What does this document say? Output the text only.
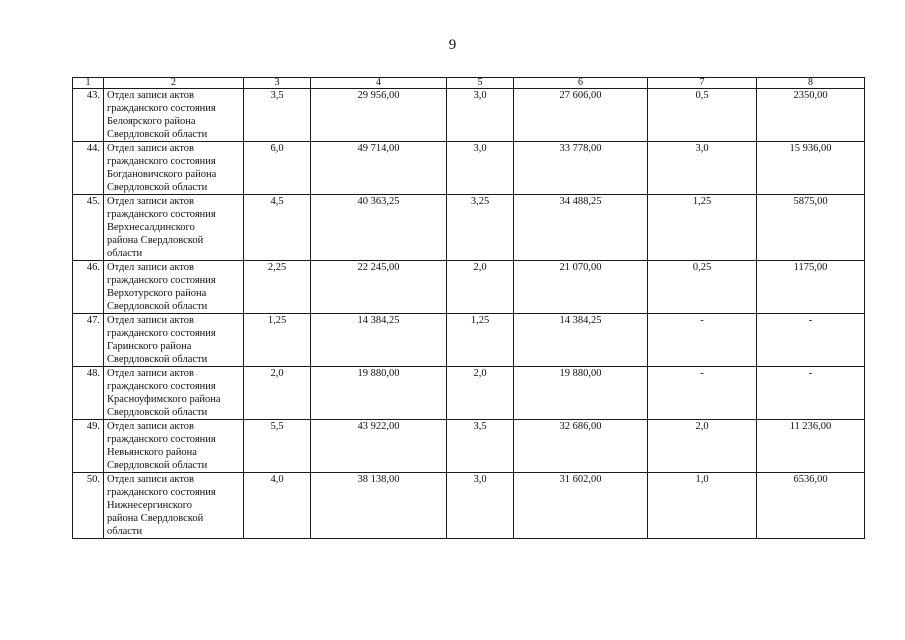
9
1	2	3	4	5	6	7	8
43.	Отдел записи актов
гражданского состояния
Белоярского района
Свердловской области	3,5	29 956,00	3,0	27 606,00	0,5	2350,00
44.	Отдел записи актов
гражданского состояния
Богдановичского района
Свердловской области	6,0	49 714,00	3,0	33 778,00	3,0	15 936,00
45.	Отдел записи актов
гражданского состояния
Верхнесалдинского
района Свердловской
области	4,5	40 363,25	3,25	34 488,25	1,25	5875,00
46.	Отдел записи актов
гражданского состояния
Верхотурского района
Свердловской области	2,25	22 245,00	2,0	21 070,00	0,25	1175,00
47.	Отдел записи актов
гражданского состояния
Гаринского района
Свердловской области	1,25	14 384,25	1,25	14 384,25	-	-
48.	Отдел записи актов
гражданского состояния
Красноуфимского района
Свердловской области	2,0	19 880,00	2,0	19 880,00	-	-
49.	Отдел записи актов
гражданского состояния
Невьянского района
Свердловской области	5,5	43 922,00	3,5	32 686,00	2,0	11 236,00
50.	Отдел записи актов
гражданского состояния
Нижнесергинского
района Свердловской
области	4,0	38 138,00	3,0	31 602,00	1,0	6536,00
